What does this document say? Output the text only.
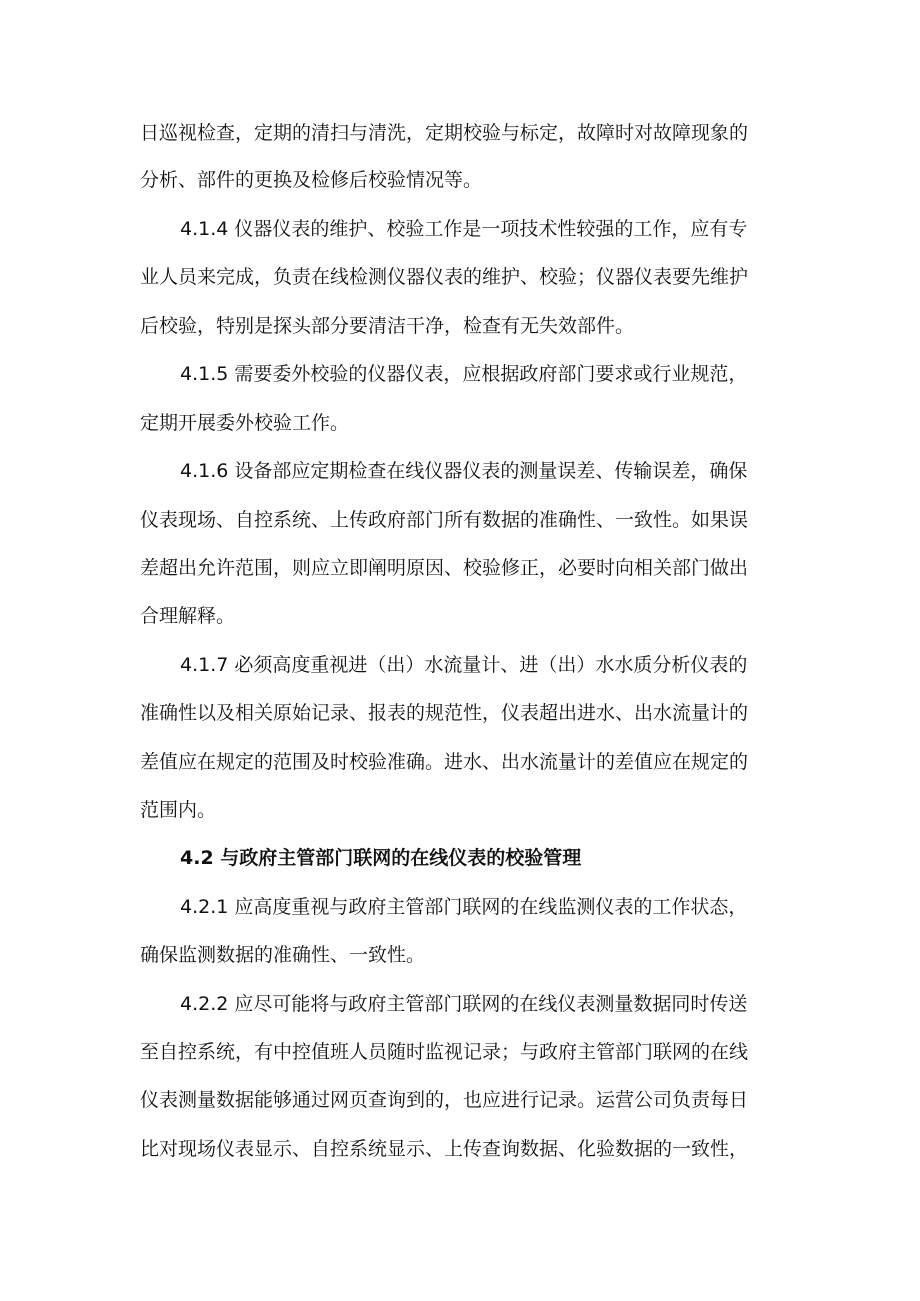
日巡视检查，定期的清扫与清洗，定期校验与标定，故障时对故障现象的
分析、部件的更换及检修后校验情况等。
4.1.4 仪器仪表的维护、校验工作是一项技术性较强的工作，应有专
业人员来完成，负责在线检测仪器仪表的维护、校验；仪器仪表要先维护
后校验，特别是探头部分要清洁干净，检查有无失效部件。
4.1.5 需要委外校验的仪器仪表，应根据政府部门要求或行业规范，
定期开展委外校验工作。
4.1.6 设备部应定期检查在线仪器仪表的测量误差、传输误差，确保
仪表现场、自控系统、上传政府部门所有数据的准确性、一致性。如果误
差超出允许范围，则应立即阐明原因、校验修正，必要时向相关部门做出
合理解释。
4.1.7 必须高度重视进（出）水流量计、进（出）水水质分析仪表的
准确性以及相关原始记录、报表的规范性，仪表超出进水、出水流量计的
差值应在规定的范围及时校验准确。进水、出水流量计的差值应在规定的
范围内。
4.2 与政府主管部门联网的在线仪表的校验管理
4.2.1 应高度重视与政府主管部门联网的在线监测仪表的工作状态，
确保监测数据的准确性、一致性。
4.2.2 应尽可能将与政府主管部门联网的在线仪表测量数据同时传送
至自控系统，有中控值班人员随时监视记录；与政府主管部门联网的在线
仪表测量数据能够通过网页查询到的，也应进行记录。运营公司负责每日
比对现场仪表显示、自控系统显示、上传查询数据、化验数据的一致性，
